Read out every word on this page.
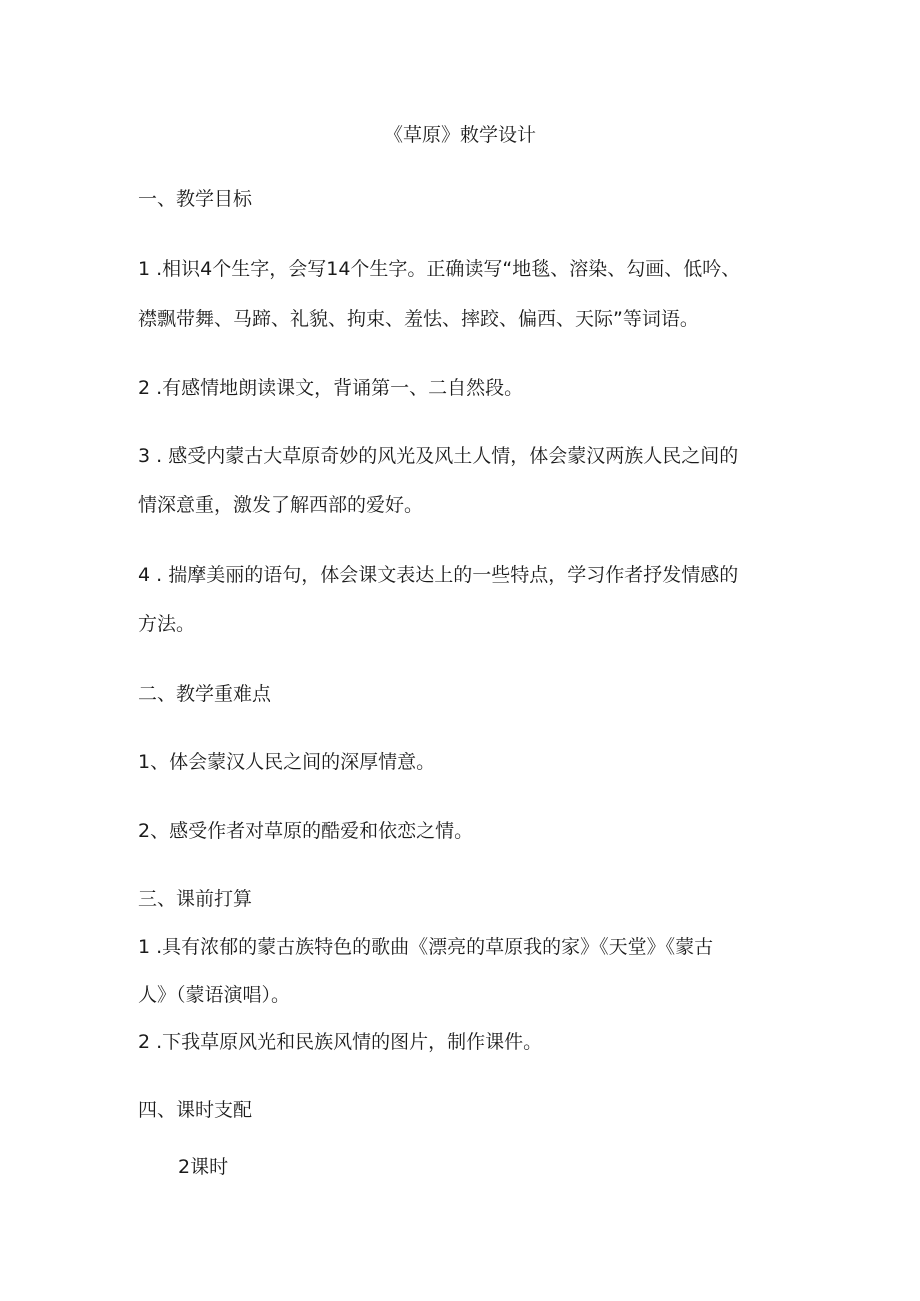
《草原》敕学设计
一、教学目标
1 .相识4个生字，会写14个生字。正确读写“地毯、溶染、勾画、低吟、
襟飘带舞、马蹄、礼貌、拘束、羞怯、摔跤、偏西、天际”等词语。
2 .有感情地朗读课文，背诵第一、二自然段。
3 . 感受内蒙古大草原奇妙的风光及风土人情，体会蒙汉两族人民之间的
情深意重，激发了解西部的爱好。
4 . 揣摩美丽的语句，体会课文表达上的一些特点，学习作者抒发情感的
方法。
二、教学重难点
1、体会蒙汉人民之间的深厚情意。
2、感受作者对草原的酷爱和依恋之情。
三、课前打算
1 .具有浓郁的蒙古族特色的歌曲《漂亮的草原我的家》《天堂》《蒙古
人》（蒙语演唱）。
2 .下我草原风光和民族风情的图片，制作课件。
四、课时支配
2课时
